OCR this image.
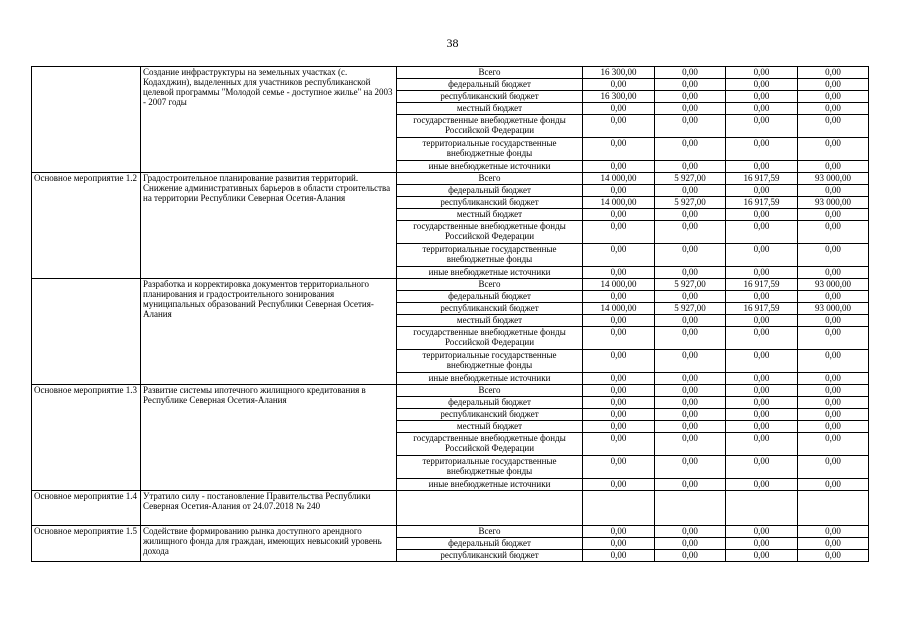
38
	Создание инфраструктуры на земельных участках (с. Кодахджин), выделенных для участников республиканской целевой программы "Молодой семье - доступное жилье" на 2003 - 2007 годы	Всего	16 300,00	0,00	0,00	0,00
		федеральный бюджет	0,00	0,00	0,00	0,00
		республиканский бюджет	16 300,00	0,00	0,00	0,00
		местный бюджет	0,00	0,00	0,00	0,00
		государственные внебюджетные фонды Российской Федерации	0,00	0,00	0,00	0,00
		территориальные государственные внебюджетные фонды	0,00	0,00	0,00	0,00
		иные внебюджетные источники	0,00	0,00	0,00	0,00
Основное мероприятие 1.2	Градостроительное планирование развития территорий. Снижение административных барьеров в области строительства на территории Республики Северная Осетия-Алания	Всего	14 000,00	5 927,00	16 917,59	93 000,00
		федеральный бюджет	0,00	0,00	0,00	0,00
		республиканский бюджет	14 000,00	5 927,00	16 917,59	93 000,00
		местный бюджет	0,00	0,00	0,00	0,00
		государственные внебюджетные фонды Российской Федерации	0,00	0,00	0,00	0,00
		территориальные государственные внебюджетные фонды	0,00	0,00	0,00	0,00
		иные внебюджетные источники	0,00	0,00	0,00	0,00
	Разработка и корректировка документов территориального планирования и градостроительного зонирования муниципальных образований Республики Северная Осетия-Алания	Всего	14 000,00	5 927,00	16 917,59	93 000,00
		федеральный бюджет	0,00	0,00	0,00	0,00
		республиканский бюджет	14 000,00	5 927,00	16 917,59	93 000,00
		местный бюджет	0,00	0,00	0,00	0,00
		государственные внебюджетные фонды Российской Федерации	0,00	0,00	0,00	0,00
		территориальные государственные внебюджетные фонды	0,00	0,00	0,00	0,00
		иные внебюджетные источники	0,00	0,00	0,00	0,00
Основное мероприятие 1.3	Развитие системы ипотечного жилищного кредитования в Республике Северная Осетия-Алания	Всего	0,00	0,00	0,00	0,00
		федеральный бюджет	0,00	0,00	0,00	0,00
		республиканский бюджет	0,00	0,00	0,00	0,00
		местный бюджет	0,00	0,00	0,00	0,00
		государственные внебюджетные фонды Российской Федерации	0,00	0,00	0,00	0,00
		территориальные государственные внебюджетные фонды	0,00	0,00	0,00	0,00
		иные внебюджетные источники	0,00	0,00	0,00	0,00
Основное мероприятие 1.4	Утратило силу - постановление Правительства Республики Северная Осетия-Алания от 24.07.2018 № 240					
Основное мероприятие 1.5	Содействие формированию рынка доступного арендного жилищного фонда для граждан, имеющих невысокий уровень дохода	Всего	0,00	0,00	0,00	0,00
		федеральный бюджет	0,00	0,00	0,00	0,00
		республиканский бюджет	0,00	0,00	0,00	0,00
